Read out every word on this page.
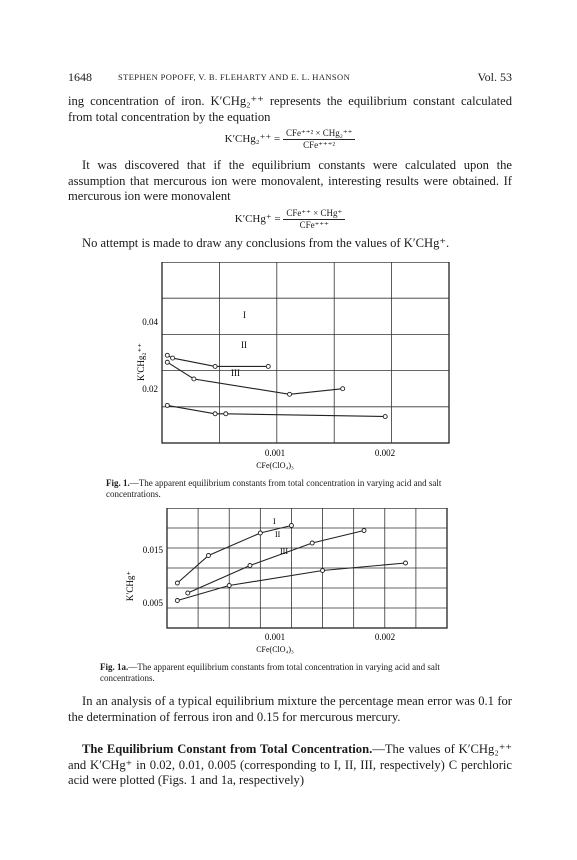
1648	STEPHEN POPOFF, V. B. FLEHARTY AND E. L. HANSON	Vol. 53
ing concentration of iron. K′CHg₂⁺⁺ represents the equilibrium constant calculated from total concentration by the equation
$K'CHg_2^{++} = \frac{\text{CFe⁺⁺² × CHg₂⁺⁺}}{\text{CFe⁺⁺⁺²}}$
It was discovered that if the equilibrium constants were calculated upon the assumption that mercurous ion were monovalent, interesting results were obtained. If mercurous ion were monovalent
$K'CHg^+ = \frac{\text{CFe⁺⁺ × CHg⁺}}{\text{CFe⁺⁺⁺}}$
No attempt is made to draw any conclusions from the values of K′CHg⁺.
0.04
0.02
0.001	0.002
CFe(ClO₄)₃
K′CHg₂⁺⁺
I
II
III
Fig. 1.—The apparent equilibrium constants from total concentration in varying acid and salt concentrations.
0.015
0.005
0.001	0.002
CFe(ClO₄)₃
K′CHg⁺
I
II
III
Fig. 1a.—The apparent equilibrium constants from total concentration in varying acid and salt concentrations.
In an analysis of a typical equilibrium mixture the percentage mean error was 0.1 for the determination of ferrous iron and 0.15 for mercurous mercury.
The Equilibrium Constant from Total Concentration.—The values of K′CHg₂⁺⁺ and K′CHg⁺ in 0.02, 0.01, 0.005 (corresponding to I, II, III, respectively) C perchloric acid were plotted (Figs. 1 and 1a, respectively)
